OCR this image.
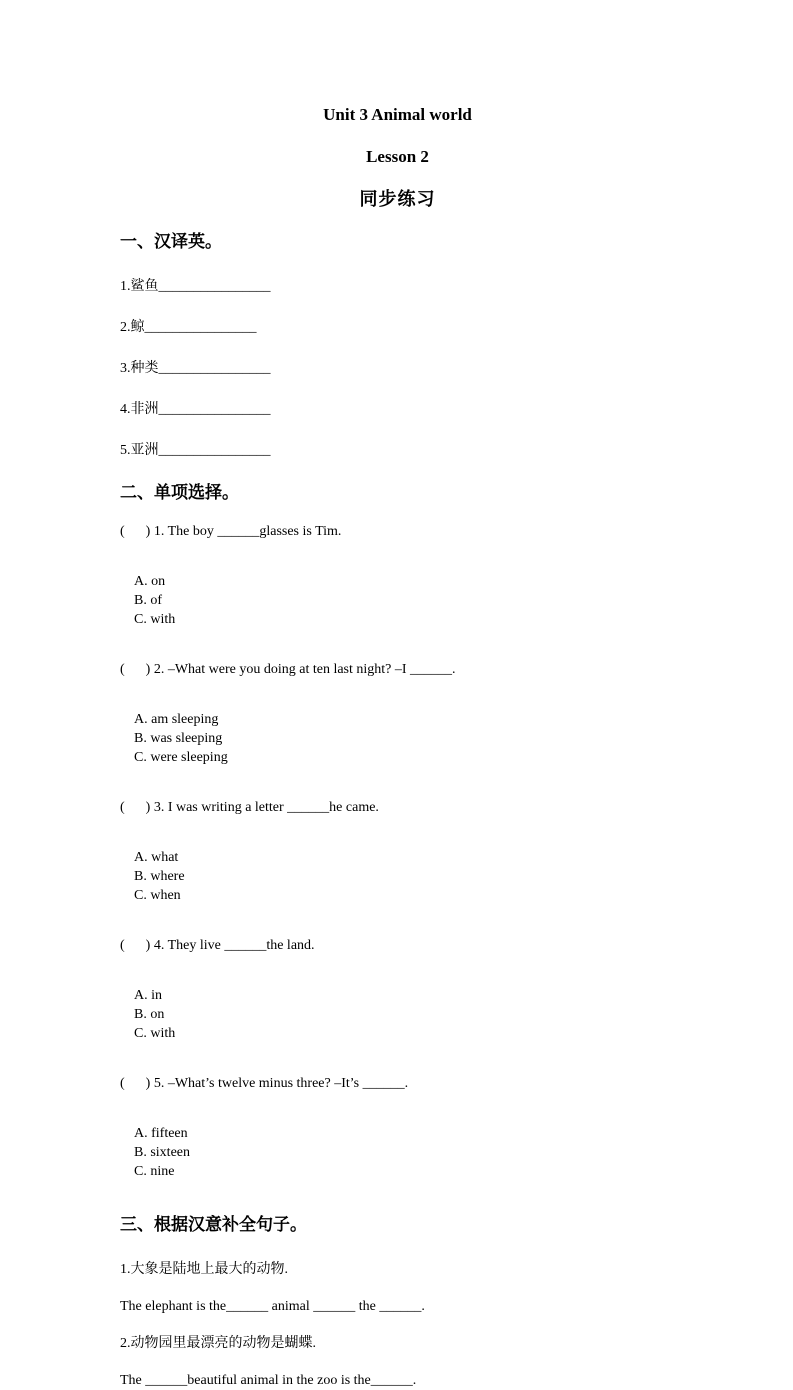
Unit 3 Animal world
Lesson 2
同步练习
一、汉译英。
1.鲨鱼________________
2.鲸________________
3.种类________________
4.非洲________________
5.亚洲________________
二、单项选择。
(      ) 1. The boy ______glasses is Tim.

A. on
B. of
C. with

(      ) 2. –What were you doing at ten last night? –I ______.

A. am sleeping
B. was sleeping
C. were sleeping

(      ) 3. I was writing a letter ______he came.

A. what
B. where
C. when

(      ) 4. They live ______the land.

A. in
B. on
C. with

(      ) 5. –What’s twelve minus three? –It’s ______.

A. fifteen
B. sixteen
C. nine

三、根据汉意补全句子。
1.大象是陆地上最大的动物.
The elephant is the______ animal ______ the ______.
2.动物园里最漂亮的动物是蝴蝶.
The ______beautiful animal in the zoo is the______.
